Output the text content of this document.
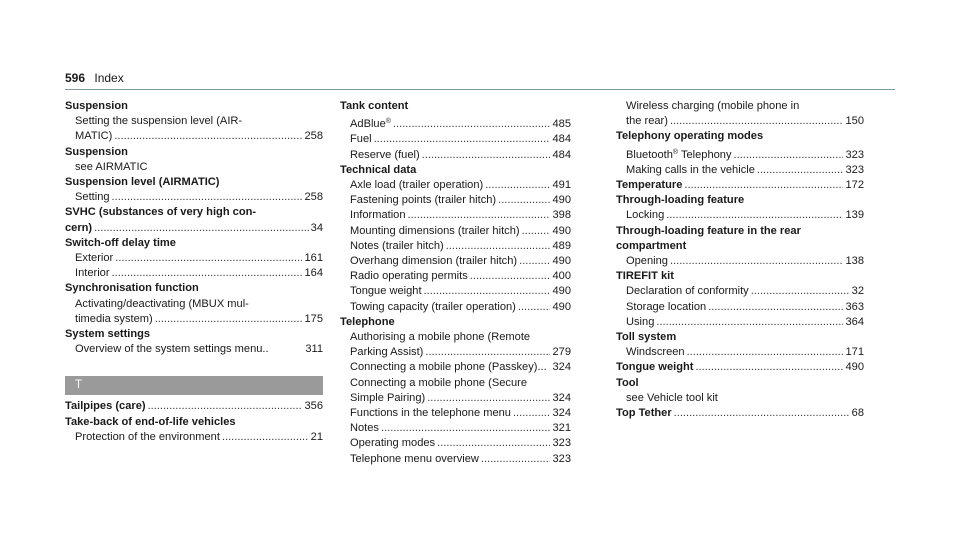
596 Index
Suspension
Setting the suspension level (AIR-
MATIC) .....	258
Suspension
see AIRMATIC
Suspension level (AIRMATIC)
Setting .....	258
SVHC (substances of very high con-
cern) .....	34
Switch-off delay time
Exterior .....	161
Interior .....	164
Synchronisation function
Activating/deactivating (MBUX mul-
timedia system) .....	175
System settings
Overview of the system settings menu..	311
T
Tailpipes (care) .....	356
Take-back of end-of-life vehicles
Protection of the environment .....	21
Tank content
AdBlue® .....	485
Fuel .....	484
Reserve (fuel) .....	484
Technical data
Axle load (trailer operation) .....	491
Fastening points (trailer hitch) .....	490
Information .....	398
Mounting dimensions (trailer hitch) .....	490
Notes (trailer hitch) .....	489
Overhang dimension (trailer hitch) .....	490
Radio operating permits .....	400
Tongue weight .....	490
Towing capacity (trailer operation) .....	490
Telephone
Authorising a mobile phone (Remote
Parking Assist) .....	279
Connecting a mobile phone (Passkey)... 324
Connecting a mobile phone (Secure
Simple Pairing) .....	324
Functions in the telephone menu .....	324
Notes .....	321
Operating modes .....	323
Telephone menu overview .....	323
Wireless charging (mobile phone in
the rear) .....	150
Telephony operating modes
Bluetooth® Telephony .....	323
Making calls in the vehicle .....	323
Temperature .....	172
Through-loading feature
Locking .....	139
Through-loading feature in the rear
compartment
Opening .....	138
TIREFIT kit
Declaration of conformity .....	32
Storage location .....	363
Using .....	364
Toll system
Windscreen .....	171
Tongue weight .....	490
Tool
see Vehicle tool kit
Top Tether .....	68
